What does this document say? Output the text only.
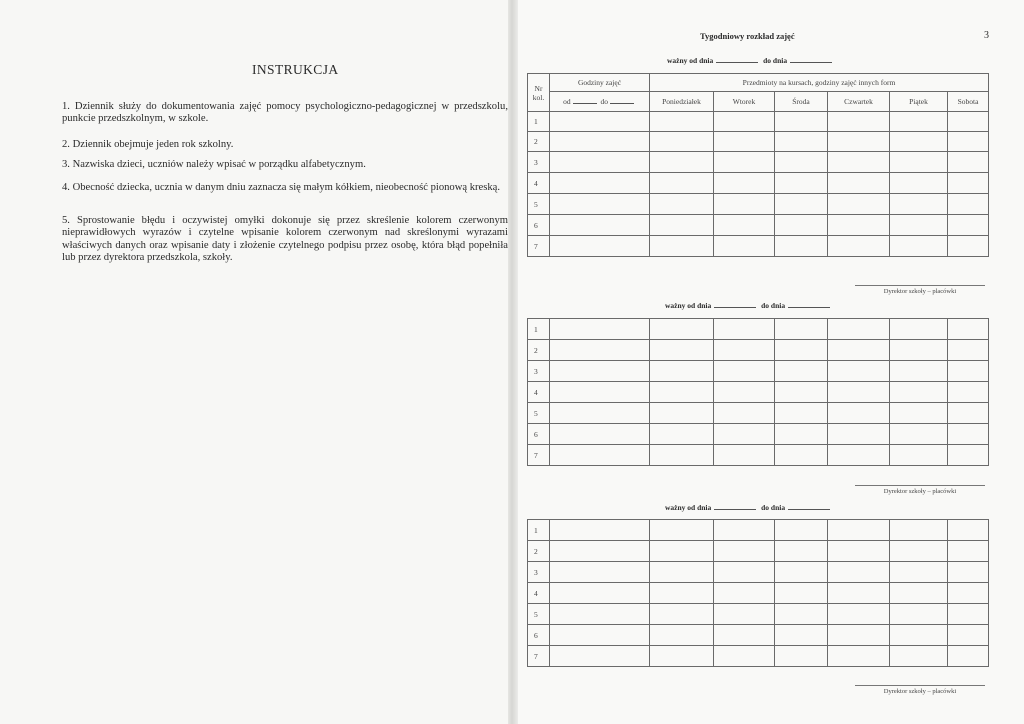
INSTRUKCJA
1. Dziennik służy do dokumentowania zajęć pomocy psychologiczno-pedagogicznej w przedszkolu, punkcie przedszkolnym, w szkole.
2. Dziennik obejmuje jeden rok szkolny.
3. Nazwiska dzieci, uczniów należy wpisać w porządku alfabetycznym.
4. Obecność dziecka, ucznia w danym dniu zaznacza się małym kółkiem, nieobecność pionową kreską.
5. Sprostowanie błędu i oczywistej omyłki dokonuje się przez skreślenie kolorem czerwonym nieprawidłowych wyrazów i czytelne wpisanie kolorem czerwonym nad skreślonymi wyrazami właściwych danych oraz wpisanie daty i złożenie czytelnego podpisu przez osobę, która błąd popełniła lub przez dyrektora przedszkola, szkoły.
3
Tygodniowy rozkład zajęć
ważny od dnia	do dnia
Nr kol.	Godziny zajęć	Przedmioty na kursach, godziny zajęć innych form					
	od do	Poniedziałek	Wtorek	Środa	Czwartek	Piątek	Sobota
1							
2							
3							
4							
5							
6							
7							
Dyrektor szkoły – placówki
ważny od dnia	do dnia
1							
2							
3							
4							
5							
6							
7							
Dyrektor szkoły – placówki
ważny od dnia	do dnia
1							
2							
3							
4							
5							
6							
7							
Dyrektor szkoły – placówki
